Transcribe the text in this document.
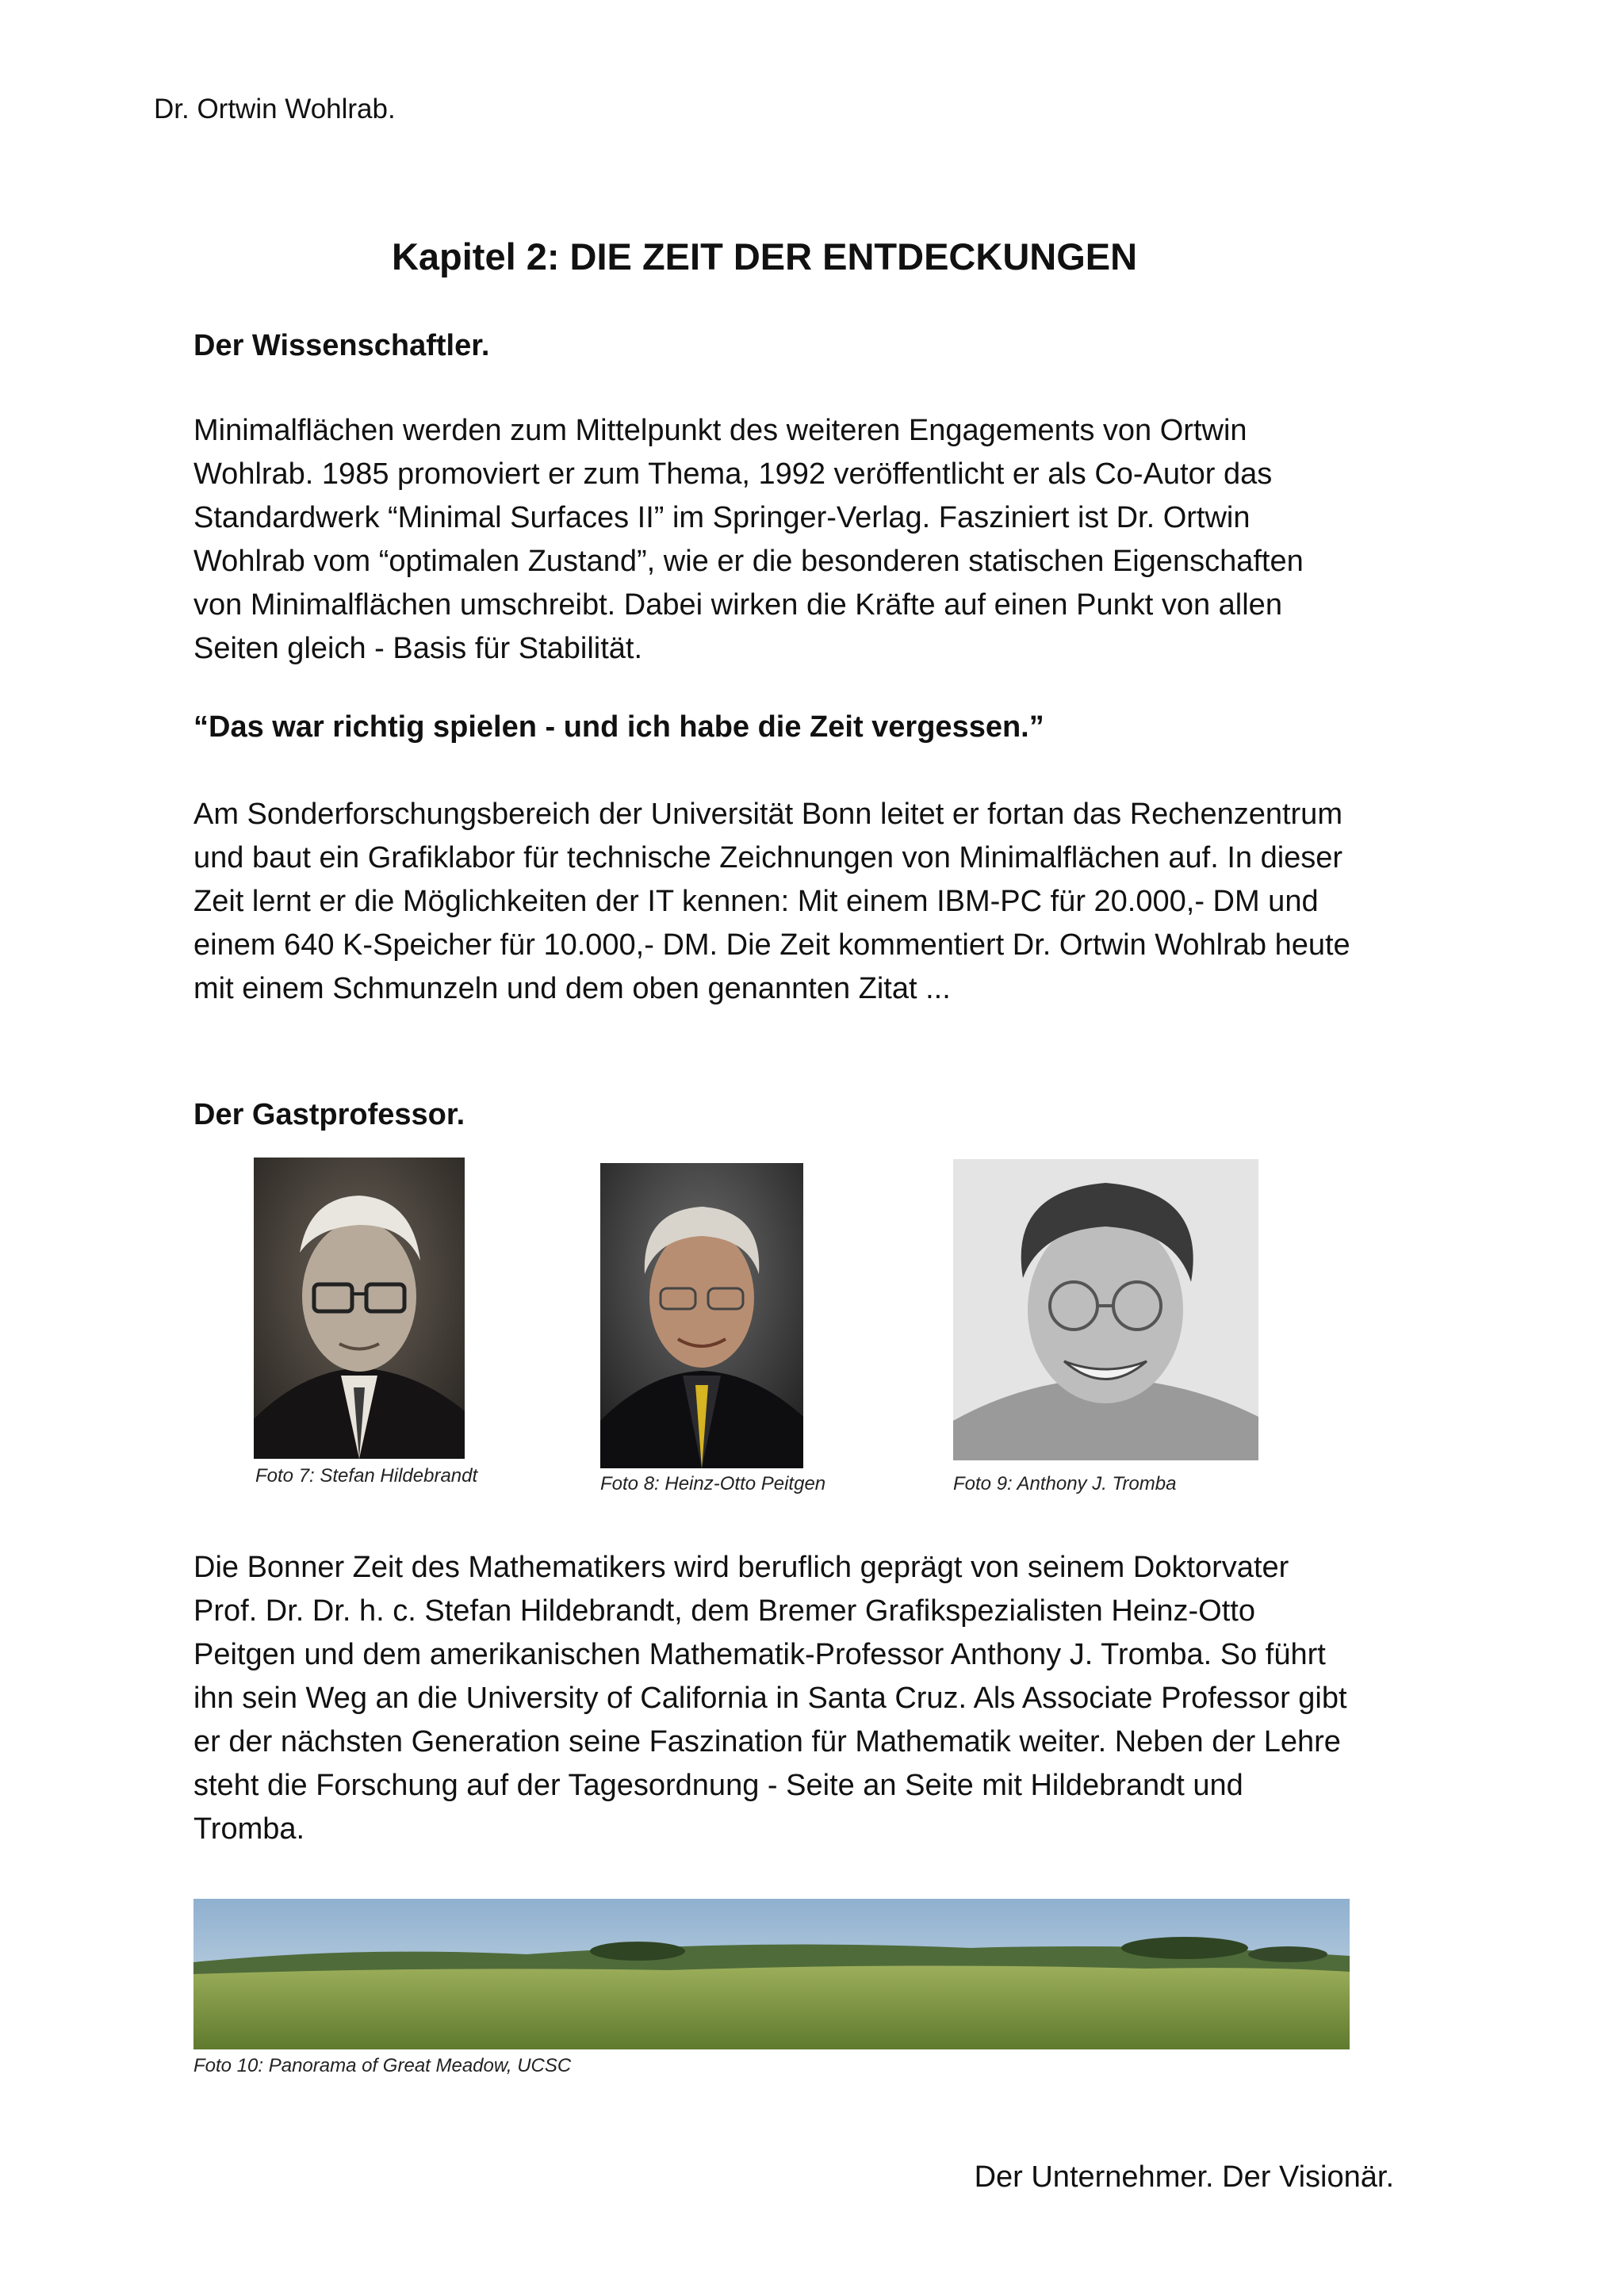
Dr. Ortwin Wohlrab.
Kapitel 2: DIE ZEIT DER ENTDECKUNGEN
Der Wissenschaftler.
Minimalflächen werden zum Mittelpunkt des weiteren Engagements von Ortwin Wohlrab. 1985 promoviert er zum Thema, 1992 veröffentlicht er als Co-Autor das Standardwerk “Minimal Surfaces II” im Springer-Verlag. Fasziniert ist Dr. Ortwin Wohlrab vom “optimalen Zustand”, wie er die besonderen statischen Eigenschaften von Minimalflächen umschreibt. Dabei wirken die Kräfte auf einen Punkt von allen Seiten gleich - Basis für Stabilität.
“Das war richtig spielen - und ich habe die Zeit vergessen.”
Am Sonderforschungsbereich der Universität Bonn leitet er fortan das Rechenzentrum und baut ein Grafiklabor für technische Zeichnungen von Minimalflächen auf. In dieser Zeit lernt er die Möglichkeiten der IT kennen: Mit einem IBM-PC für 20.000,- DM und einem 640 K-Speicher für 10.000,- DM. Die Zeit kommentiert Dr. Ortwin Wohlrab heute mit einem Schmunzeln und dem oben genannten Zitat ...
Der Gastprofessor.
Foto 7: Stefan Hildebrandt	Foto 8: Heinz-Otto Peitgen	Foto 9: Anthony J. Tromba
Die Bonner Zeit des Mathematikers wird beruflich geprägt von seinem Doktorvater Prof. Dr. Dr. h. c. Stefan Hildebrandt, dem Bremer Grafikspezialisten Heinz-Otto Peitgen und dem amerikanischen Mathematik-Professor Anthony J. Tromba. So führt ihn sein Weg an die University of California in Santa Cruz. Als Associate Professor gibt er der nächsten Generation seine Faszination für Mathematik weiter. Neben der Lehre steht die Forschung auf der Tagesordnung - Seite an Seite mit Hildebrandt und Tromba.
Foto 10: Panorama of Great Meadow, UCSC
Der Unternehmer. Der Visionär.
